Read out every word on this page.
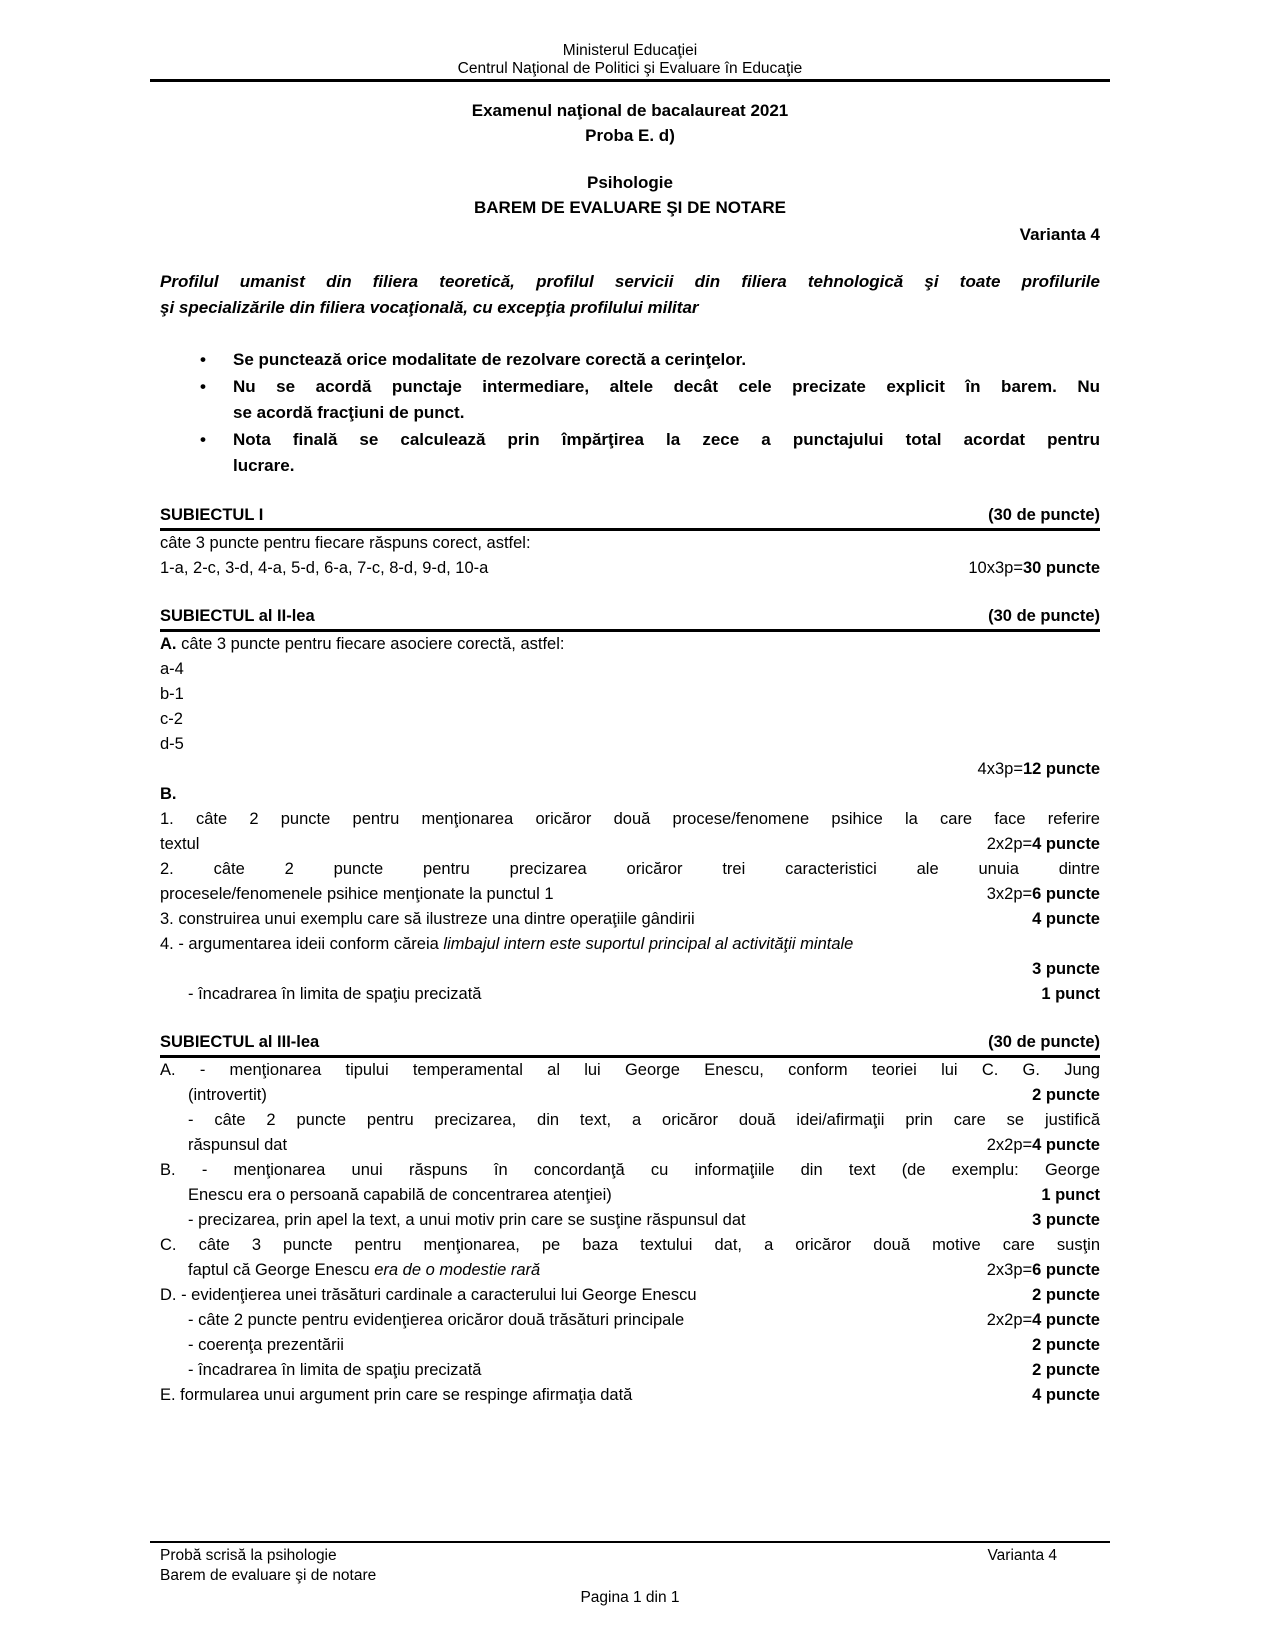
Ministerul Educaţiei
Centrul Naţional de Politici şi Evaluare în Educaţie
Examenul naţional de bacalaureat 2021
Proba E. d)
Psihologie
BAREM DE EVALUARE ŞI DE NOTARE
Varianta 4
Profilul umanist din filiera teoretică, profilul servicii din filiera tehnologică şi toate profilurile
şi specializările din filiera vocaţională, cu excepţia profilului militar
•	Se punctează orice modalitate de rezolvare corectă a cerinţelor.
•	Nu se acordă punctaje intermediare, altele decât cele precizate explicit în barem. Nu
se acordă fracţiuni de punct.
•	Nota finală se calculează prin împărţirea la zece a punctajului total acordat pentru
lucrare.
SUBIECTUL I	(30 de puncte)
câte 3 puncte pentru fiecare răspuns corect, astfel:
1-a, 2-c, 3-d, 4-a, 5-d, 6-a, 7-c, 8-d, 9-d, 10-a	10x3p=30 puncte
SUBIECTUL al II-lea	(30 de puncte)
A. câte 3 puncte pentru fiecare asociere corectă, astfel:
a-4
b-1
c-2
d-5
4x3p=12 puncte
B.
1. câte 2 puncte pentru menţionarea oricăror două procese/fenomene psihice la care face referire
textul	2x2p=4 puncte
2. câte 2 puncte pentru precizarea oricăror trei caracteristici ale unuia dintre
procesele/fenomenele psihice menţionate la punctul 1	3x2p=6 puncte
3. construirea unui exemplu care să ilustreze una dintre operaţiile gândirii	4 puncte
4. - argumentarea ideii conform căreia limbajul intern este suportul principal al activităţii mintale
3 puncte
- încadrarea în limita de spaţiu precizată	1 punct
SUBIECTUL al III-lea	(30 de puncte)
A. - menţionarea tipului temperamental al lui George Enescu, conform teoriei lui C. G. Jung
(introvertit)	2 puncte
- câte 2 puncte pentru precizarea, din text, a oricăror două idei/afirmaţii prin care se justifică
răspunsul dat	2x2p=4 puncte
B. - menţionarea unui răspuns în concordanţă cu informaţiile din text (de exemplu: George
Enescu era o persoană capabilă de concentrarea atenţiei)	1 punct
- precizarea, prin apel la text, a unui motiv prin care se susţine răspunsul dat	3 puncte
C. câte 3 puncte pentru menţionarea, pe baza textului dat, a oricăror două motive care susţin
faptul că George Enescu era de o modestie rară	2x3p=6 puncte
D. - evidenţierea unei trăsături cardinale a caracterului lui George Enescu	2 puncte
- câte 2 puncte pentru evidenţierea oricăror două trăsături principale	2x2p=4 puncte
- coerenţa prezentării	2 puncte
- încadrarea în limita de spaţiu precizată	2 puncte
E. formularea unui argument prin care se respinge afirmaţia dată	4 puncte
Probă scrisă la psihologie	Varianta 4
Barem de evaluare şi de notare
Pagina 1 din 1
